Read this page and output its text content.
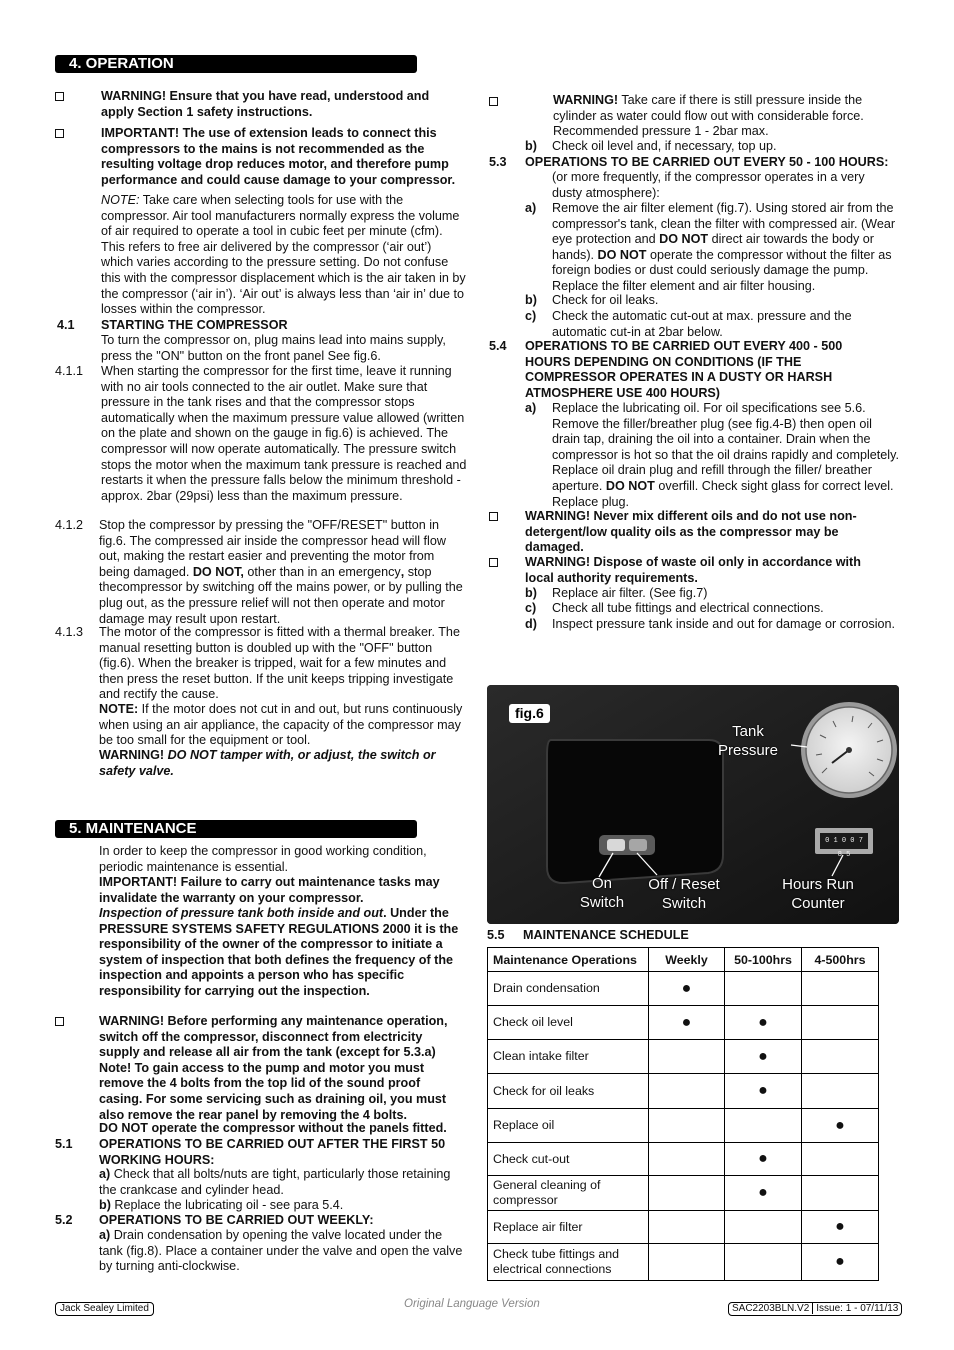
4. OPERATION
WARNING! Ensure that you have read, understood and apply Section 1 safety instructions.
IMPORTANT! The use of extension leads to connect this compressors to the mains is not recommended as the resulting voltage drop reduces motor, and therefore pump performance and could cause damage to your compressor.
NOTE: Take care when selecting tools for use with the compressor. Air tool manufacturers normally express the volume of air required to operate a tool in cubic feet per minute (cfm). This refers to free air delivered by the compressor (‘air out’) which varies according to the pressure setting. Do not confuse this with the compressor displacement which is the air taken in by the compressor (‘air in’). ‘Air out’ is always less than ‘air in’ due to losses within the compressor.
4.1 STARTING THE COMPRESSOR
To turn the compressor on, plug mains lead into mains supply, press the "ON" button on the front panel See fig.6.
4.1.1 When starting the compressor for the first time, leave it running with no air tools connected to the air outlet. Make sure that pressure in the tank rises and that the compressor stops automatically when the maximum pressure value allowed (written on the plate and shown on the gauge in fig.6) is achieved. The compressor will now operate automatically. The pressure switch stops the motor when the maximum tank pressure is reached and restarts it when the pressure falls below the minimum threshold - approx. 2bar (29psi) less than the maximum pressure.
4.1.2 Stop the compressor by pressing the "OFF/RESET" button in fig.6. The compressed air inside the compressor head will flow out, making the restart easier and preventing the motor from being damaged. DO NOT, other than in an emergency, stop thecompressor by switching off the mains power, or by pulling the plug out, as the pressure relief will not then operate and motor damage may result upon restart.
4.1.3 The motor of the compressor is fitted with a thermal breaker. The manual resetting button is doubled up with the "OFF" button (fig.6). When the breaker is tripped, wait for a few minutes and then press the reset button. If the unit keeps tripping investigate and rectify the cause.
NOTE: If the motor does not cut in and out, but runs continuously when using an air appliance, the capacity of the compressor may be too small for the equipment or tool.
WARNING! DO NOT tamper with, or adjust, the switch or safety valve.
5. MAINTENANCE
In order to keep the compressor in good working condition, periodic maintenance is essential.
IMPORTANT! Failure to carry out maintenance tasks may invalidate the warranty on your compressor.
Inspection of pressure tank both inside and out. Under the PRESSURE SYSTEMS SAFETY REGULATIONS 2000 it is the responsibility of the owner of the compressor to initiate a system of inspection that both defines the frequency of the inspection and appoints a person who has specific responsibility for carrying out the inspection.
WARNING! Before performing any maintenance operation, switch off the compressor, disconnect from electricity supply and release all air from the tank (except for 5.3.a) Note! To gain access to the pump and motor you must remove the 4 bolts from the top lid of the sound proof casing. For some servicing such as draining oil, you must also remove the rear panel by removing the 4 bolts.
DO NOT operate the compressor without the panels fitted.
5.1 OPERATIONS TO BE CARRIED OUT AFTER THE FIRST 50 WORKING HOURS:
a) Check that all bolts/nuts are tight, particularly those retaining the crankcase and cylinder head.
b) Replace the lubricating oil - see para 5.4.
5.2 OPERATIONS TO BE CARRIED OUT WEEKLY:
a) Drain condensation by opening the valve located under the tank (fig.8). Place a container under the valve and open the valve by turning anti-clockwise.
WARNING! Take care if there is still pressure inside the cylinder as water could flow out with considerable force. Recommended pressure 1 - 2bar max.
b) Check oil level and, if necessary, top up.
5.3 OPERATIONS TO BE CARRIED OUT EVERY 50 - 100 HOURS:
(or more frequently, if the compressor operates in a very dusty atmosphere):
a) Remove the air filter element (fig.7). Using stored air from the compressor's tank, clean the filter with compressed air. (Wear eye protection and DO NOT direct air towards the body or hands). DO NOT operate the compressor without the filter as foreign bodies or dust could seriously damage the pump. Replace the filter element and air filter housing.
b) Check for oil leaks.
c) Check the automatic cut-out at max. pressure and the automatic cut-in at 2bar below.
5.4 OPERATIONS TO BE CARRIED OUT EVERY 400 - 500 HOURS DEPENDING ON CONDITIONS (IF THE COMPRESSOR OPERATES IN A DUSTY OR HARSH ATMOSPHERE USE 400 HOURS)
a) Replace the lubricating oil. For oil specifications see 5.6. Remove the filler/breather plug (see fig.4-B) then open oil drain tap, draining the oil into a container. Drain when the compressor is hot so that the oil drains rapidly and completely. Replace oil drain plug and refill through the filler/ breather aperture. DO NOT overfill. Check sight glass for correct level. Replace plug.
WARNING! Never mix different oils and do not use non-detergent/low quality oils as the compressor may be damaged.
WARNING! Dispose of waste oil only in accordance with local authority requirements.
b) Replace air filter. (See fig.7)
c) Check all tube fittings and electrical connections.
d) Inspect pressure tank inside and out for damage or corrosion.
fig.6
0 1 0 0 7 8 5
Tank Pressure
On Switch
Off / Reset Switch
Hours Run Counter
5.5 MAINTENANCE SCHEDULE
Maintenance Operations	Weekly	50-100hrs	4-500hrs
Drain condensation	●		
Check oil level	●	●	
Clean intake filter		●	
Check for oil leaks		●	
Replace oil			●
Check cut-out		●	
General cleaning of compressor		●	
Replace air filter			●
Check tube fittings and electrical connections			●
Jack Sealey Limited	Original Language Version	SAC2203BLN.V2 Issue: 1 - 07/11/13
